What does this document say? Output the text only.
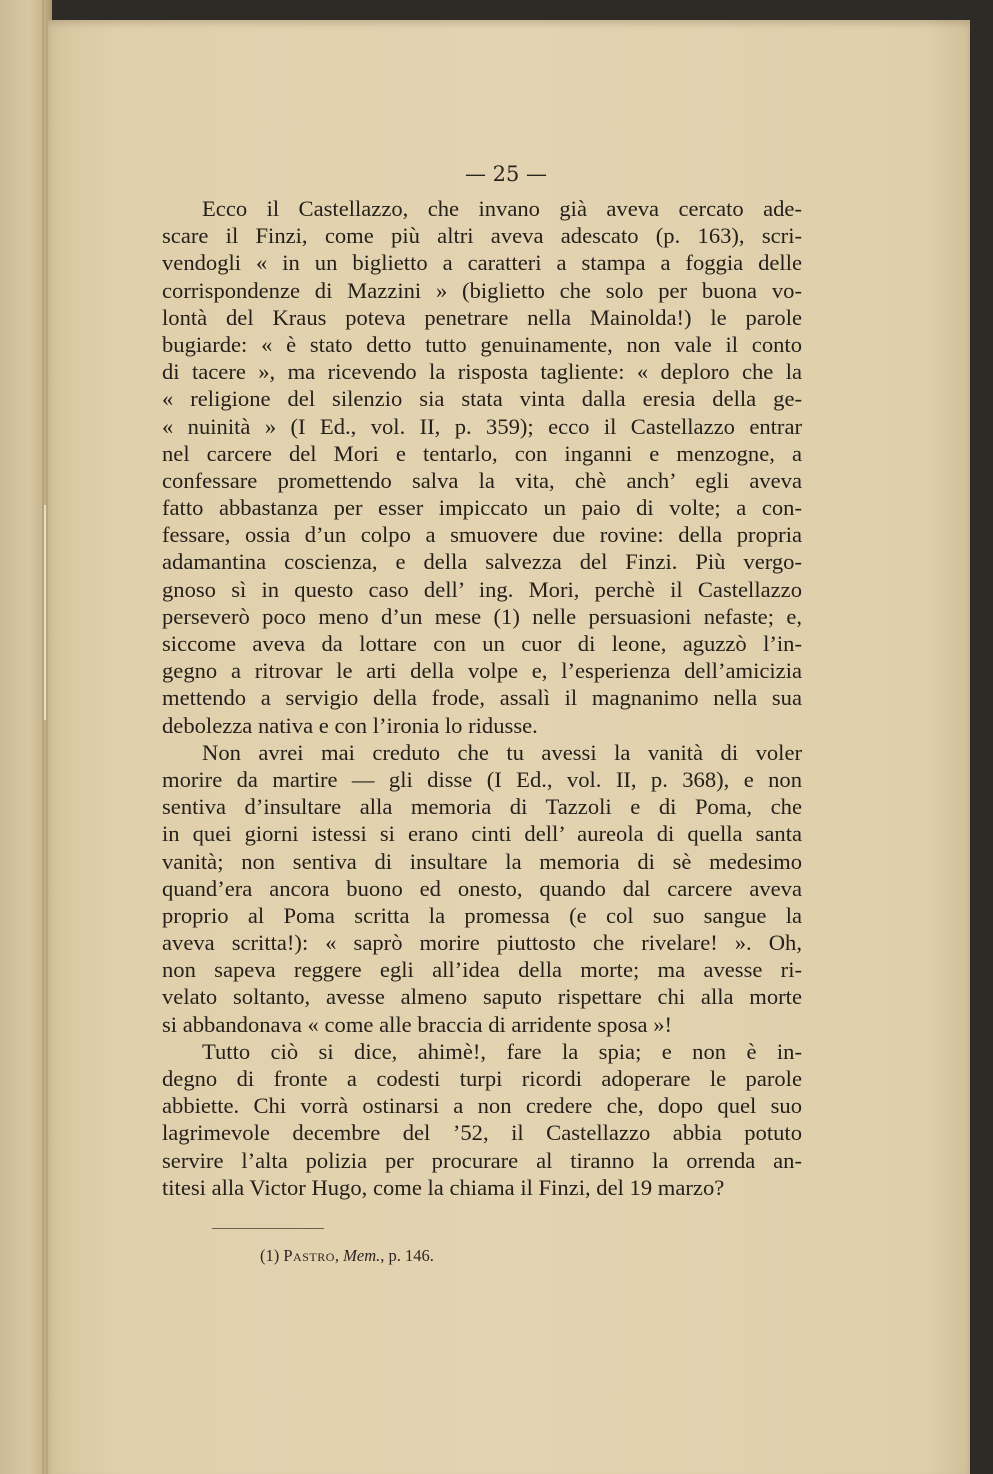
— 25 —

Ecco il Castellazzo, che invano già aveva cercato ade-
scare il Finzi, come più altri aveva adescato (p. 163), scri-
vendogli « in un biglietto a caratteri a stampa a foggia delle
corrispondenze di Mazzini » (biglietto che solo per buona vo-
lontà del Kraus poteva penetrare nella Mainolda!) le parole
bugiarde: « è stato detto tutto genuinamente, non vale il conto
di tacere », ma ricevendo la risposta tagliente: « deploro che la
« religione del silenzio sia stata vinta dalla eresia della ge-
« nuinità » (I Ed., vol. II, p. 359); ecco il Castellazzo entrar
nel carcere del Mori e tentarlo, con inganni e menzogne, a
confessare promettendo salva la vita, chè anch’ egli aveva
fatto abbastanza per esser impiccato un paio di volte; a con-
fessare, ossia d’un colpo a smuovere due rovine: della propria
adamantina coscienza, e della salvezza del Finzi. Più vergo-
gnoso sì in questo caso dell’ ing. Mori, perchè il Castellazzo
perseverò poco meno d’un mese (1) nelle persuasioni nefaste; e,
siccome aveva da lottare con un cuor di leone, aguzzò l’in-
gegno a ritrovar le arti della volpe e, l’esperienza dell’amicizia
mettendo a servigio della frode, assalì il magnanimo nella sua
debolezza nativa e con l’ironia lo ridusse.

Non avrei mai creduto che tu avessi la vanità di voler
morire da martire — gli disse (I Ed., vol. II, p. 368), e non
sentiva d’insultare alla memoria di Tazzoli e di Poma, che
in quei giorni istessi si erano cinti dell’ aureola di quella santa
vanità; non sentiva di insultare la memoria di sè medesimo
quand’era ancora buono ed onesto, quando dal carcere aveva
proprio al Poma scritta la promessa (e col suo sangue la
aveva scritta!): « saprò morire piuttosto che rivelare! ». Oh,
non sapeva reggere egli all’idea della morte; ma avesse ri-
velato soltanto, avesse almeno saputo rispettare chi alla morte
si abbandonava « come alle braccia di arridente sposa »!

Tutto ciò si dice, ahimè!, fare la spia; e non è in-
degno di fronte a codesti turpi ricordi adoperare le parole
abbiette. Chi vorrà ostinarsi a non credere che, dopo quel suo
lagrimevole decembre del ’52, il Castellazzo abbia potuto
servire l’alta polizia per procurare al tiranno la orrenda an-
titesi alla Victor Hugo, come la chiama il Finzi, del 19 marzo?

(1) Pastro, Mem., p. 146.
